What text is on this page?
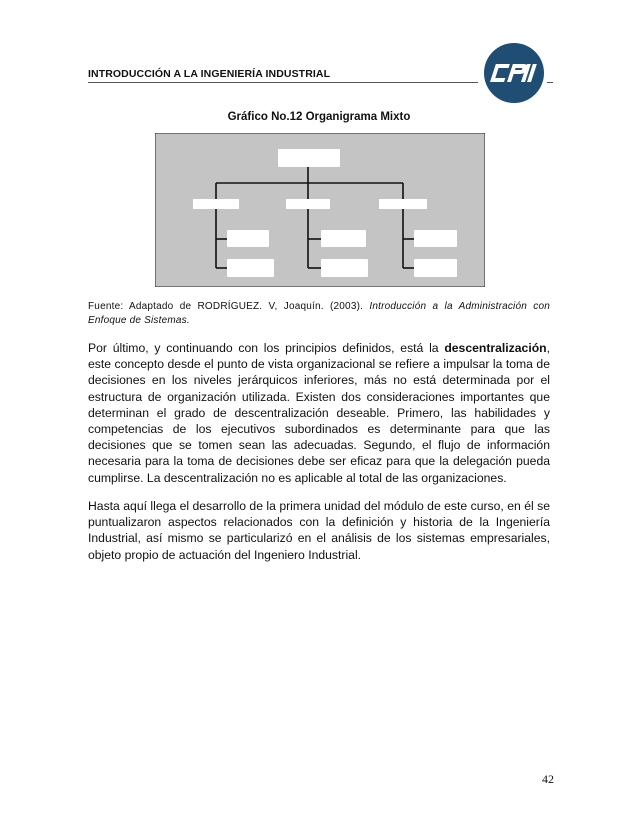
INTRODUCCIÓN A LA INGENIERÍA INDUSTRIAL
Gráfico No.12 Organigrama Mixto
Fuente: Adaptado de RODRÍGUEZ. V, Joaquín. (2003). Introducción a la Administración con Enfoque de Sistemas.
Por último, y continuando con los principios definidos, está la descentralización, este concepto desde el punto de vista organizacional se refiere a impulsar la toma de decisiones en los niveles jerárquicos inferiores, más no está determinada por el estructura de organización utilizada. Existen dos consideraciones importantes que determinan el grado de descentralización deseable. Primero, las habilidades y competencias de los ejecutivos subordinados es determinante para que las decisiones que se tomen sean las adecuadas. Segundo, el flujo de información necesaria para la toma de decisiones debe ser eficaz para que la delegación pueda cumplirse. La descentralización no es aplicable al total de las organizaciones.
Hasta aquí llega el desarrollo de la primera unidad del módulo de este curso, en él se puntualizaron aspectos relacionados con la definición y historia de la Ingeniería Industrial, así mismo se particularizó en el análisis de los sistemas empresariales, objeto propio de actuación del Ingeniero Industrial.
42
